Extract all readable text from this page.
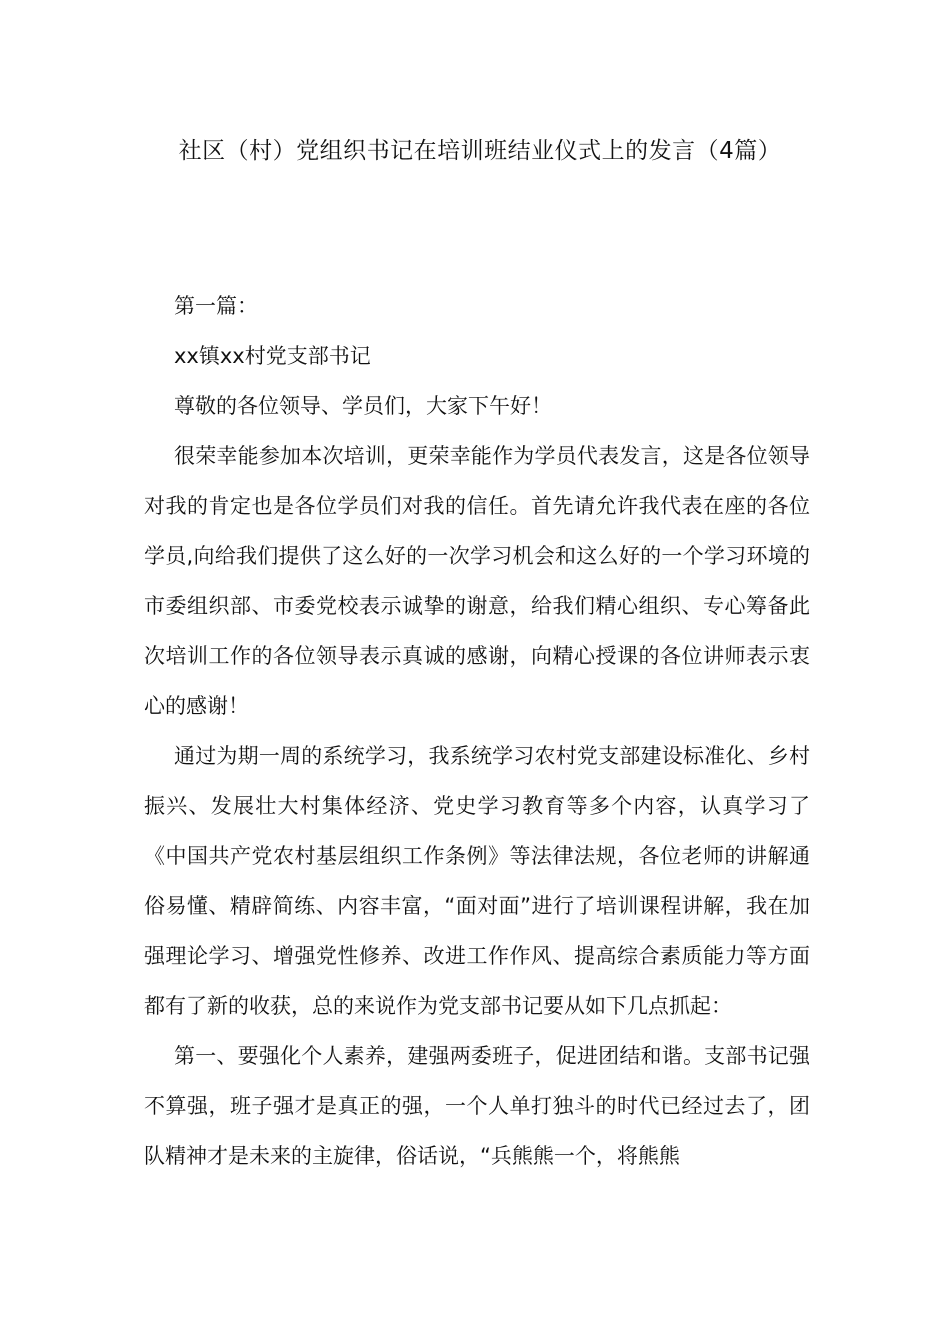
社区（村）党组织书记在培训班结业仪式上的发言（4篇）

第一篇：

xx镇xx村党支部书记

尊敬的各位领导、学员们，大家下午好！

很荣幸能参加本次培训，更荣幸能作为学员代表发言，这是各位领导对我的肯定也是各位学员们对我的信任。首先请允许我代表在座的各位学员,向给我们提供了这么好的一次学习机会和这么好的一个学习环境的市委组织部、市委党校表示诚挚的谢意，给我们精心组织、专心筹备此次培训工作的各位领导表示真诚的感谢，向精心授课的各位讲师表示衷心的感谢！

通过为期一周的系统学习，我系统学习农村党支部建设标准化、乡村振兴、发展壮大村集体经济、党史学习教育等多个内容，认真学习了《中国共产党农村基层组织工作条例》等法律法规，各位老师的讲解通俗易懂、精辟简练、内容丰富，“面对面”进行了培训课程讲解，我在加强理论学习、增强党性修养、改进工作作风、提高综合素质能力等方面都有了新的收获，总的来说作为党支部书记要从如下几点抓起：

第一、要强化个人素养，建强两委班子，促进团结和谐。支部书记强不算强，班子强才是真正的强，一个人单打独斗的时代已经过去了，团队精神才是未来的主旋律，俗话说，“兵熊熊一个，将熊熊
